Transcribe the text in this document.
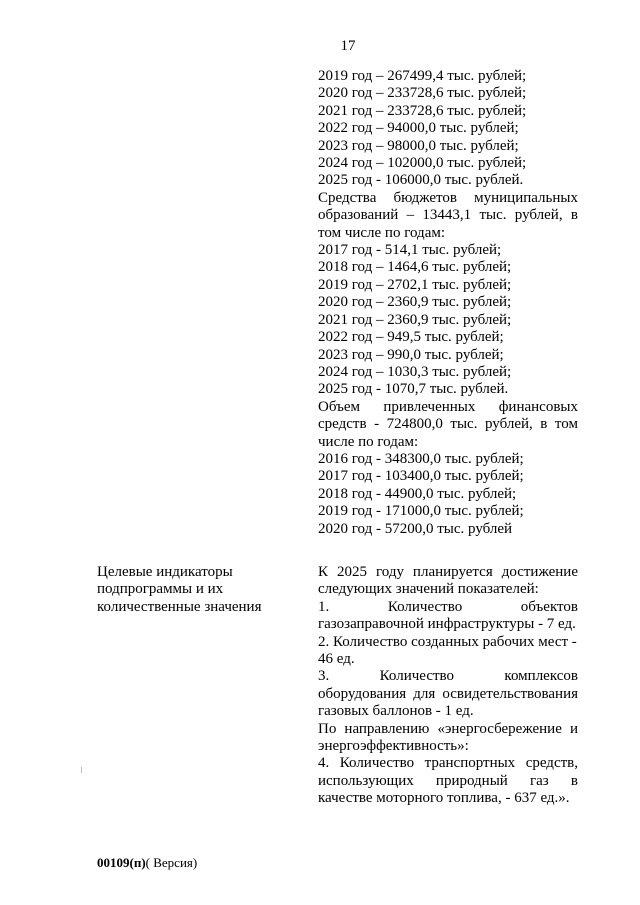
17
2019 год – 267499,4 тыс. рублей;
2020 год – 233728,6 тыс. рублей;
2021 год – 233728,6 тыс. рублей;
2022 год – 94000,0 тыс. рублей;
2023 год – 98000,0 тыс. рублей;
2024 год – 102000,0 тыс. рублей;
2025 год - 106000,0 тыс. рублей.
Средства бюджетов муниципальных
образований – 13443,1 тыс. рублей, в
том числе по годам:
2017 год - 514,1 тыс. рублей;
2018 год – 1464,6 тыс. рублей;
2019 год – 2702,1 тыс. рублей;
2020 год – 2360,9 тыс. рублей;
2021 год – 2360,9 тыс. рублей;
2022 год – 949,5 тыс. рублей;
2023 год – 990,0 тыс. рублей;
2024 год – 1030,3 тыс. рублей;
2025 год - 1070,7 тыс. рублей.
Объем привлеченных финансовых
средств - 724800,0 тыс. рублей, в том
числе по годам:
2016 год - 348300,0 тыс. рублей;
2017 год - 103400,0 тыс. рублей;
2018 год - 44900,0 тыс. рублей;
2019 год - 171000,0 тыс. рублей;
2020 год - 57200,0 тыс. рублей
Целевые индикаторы
подпрограммы и их
количественные значения
К 2025 году планируется достижение
следующих значений показателей:
1. Количество объектов
газозаправочной инфраструктуры - 7 ед.
2. Количество созданных рабочих мест -
46 ед.
3. Количество комплексов
оборудования для освидетельствования
газовых баллонов - 1 ед.
По направлению «энергосбережение и
энергоэффективность»:
4. Количество транспортных средств,
использующих природный газ в
качестве моторного топлива, - 637 ед.».
00109(п)( Версия)
